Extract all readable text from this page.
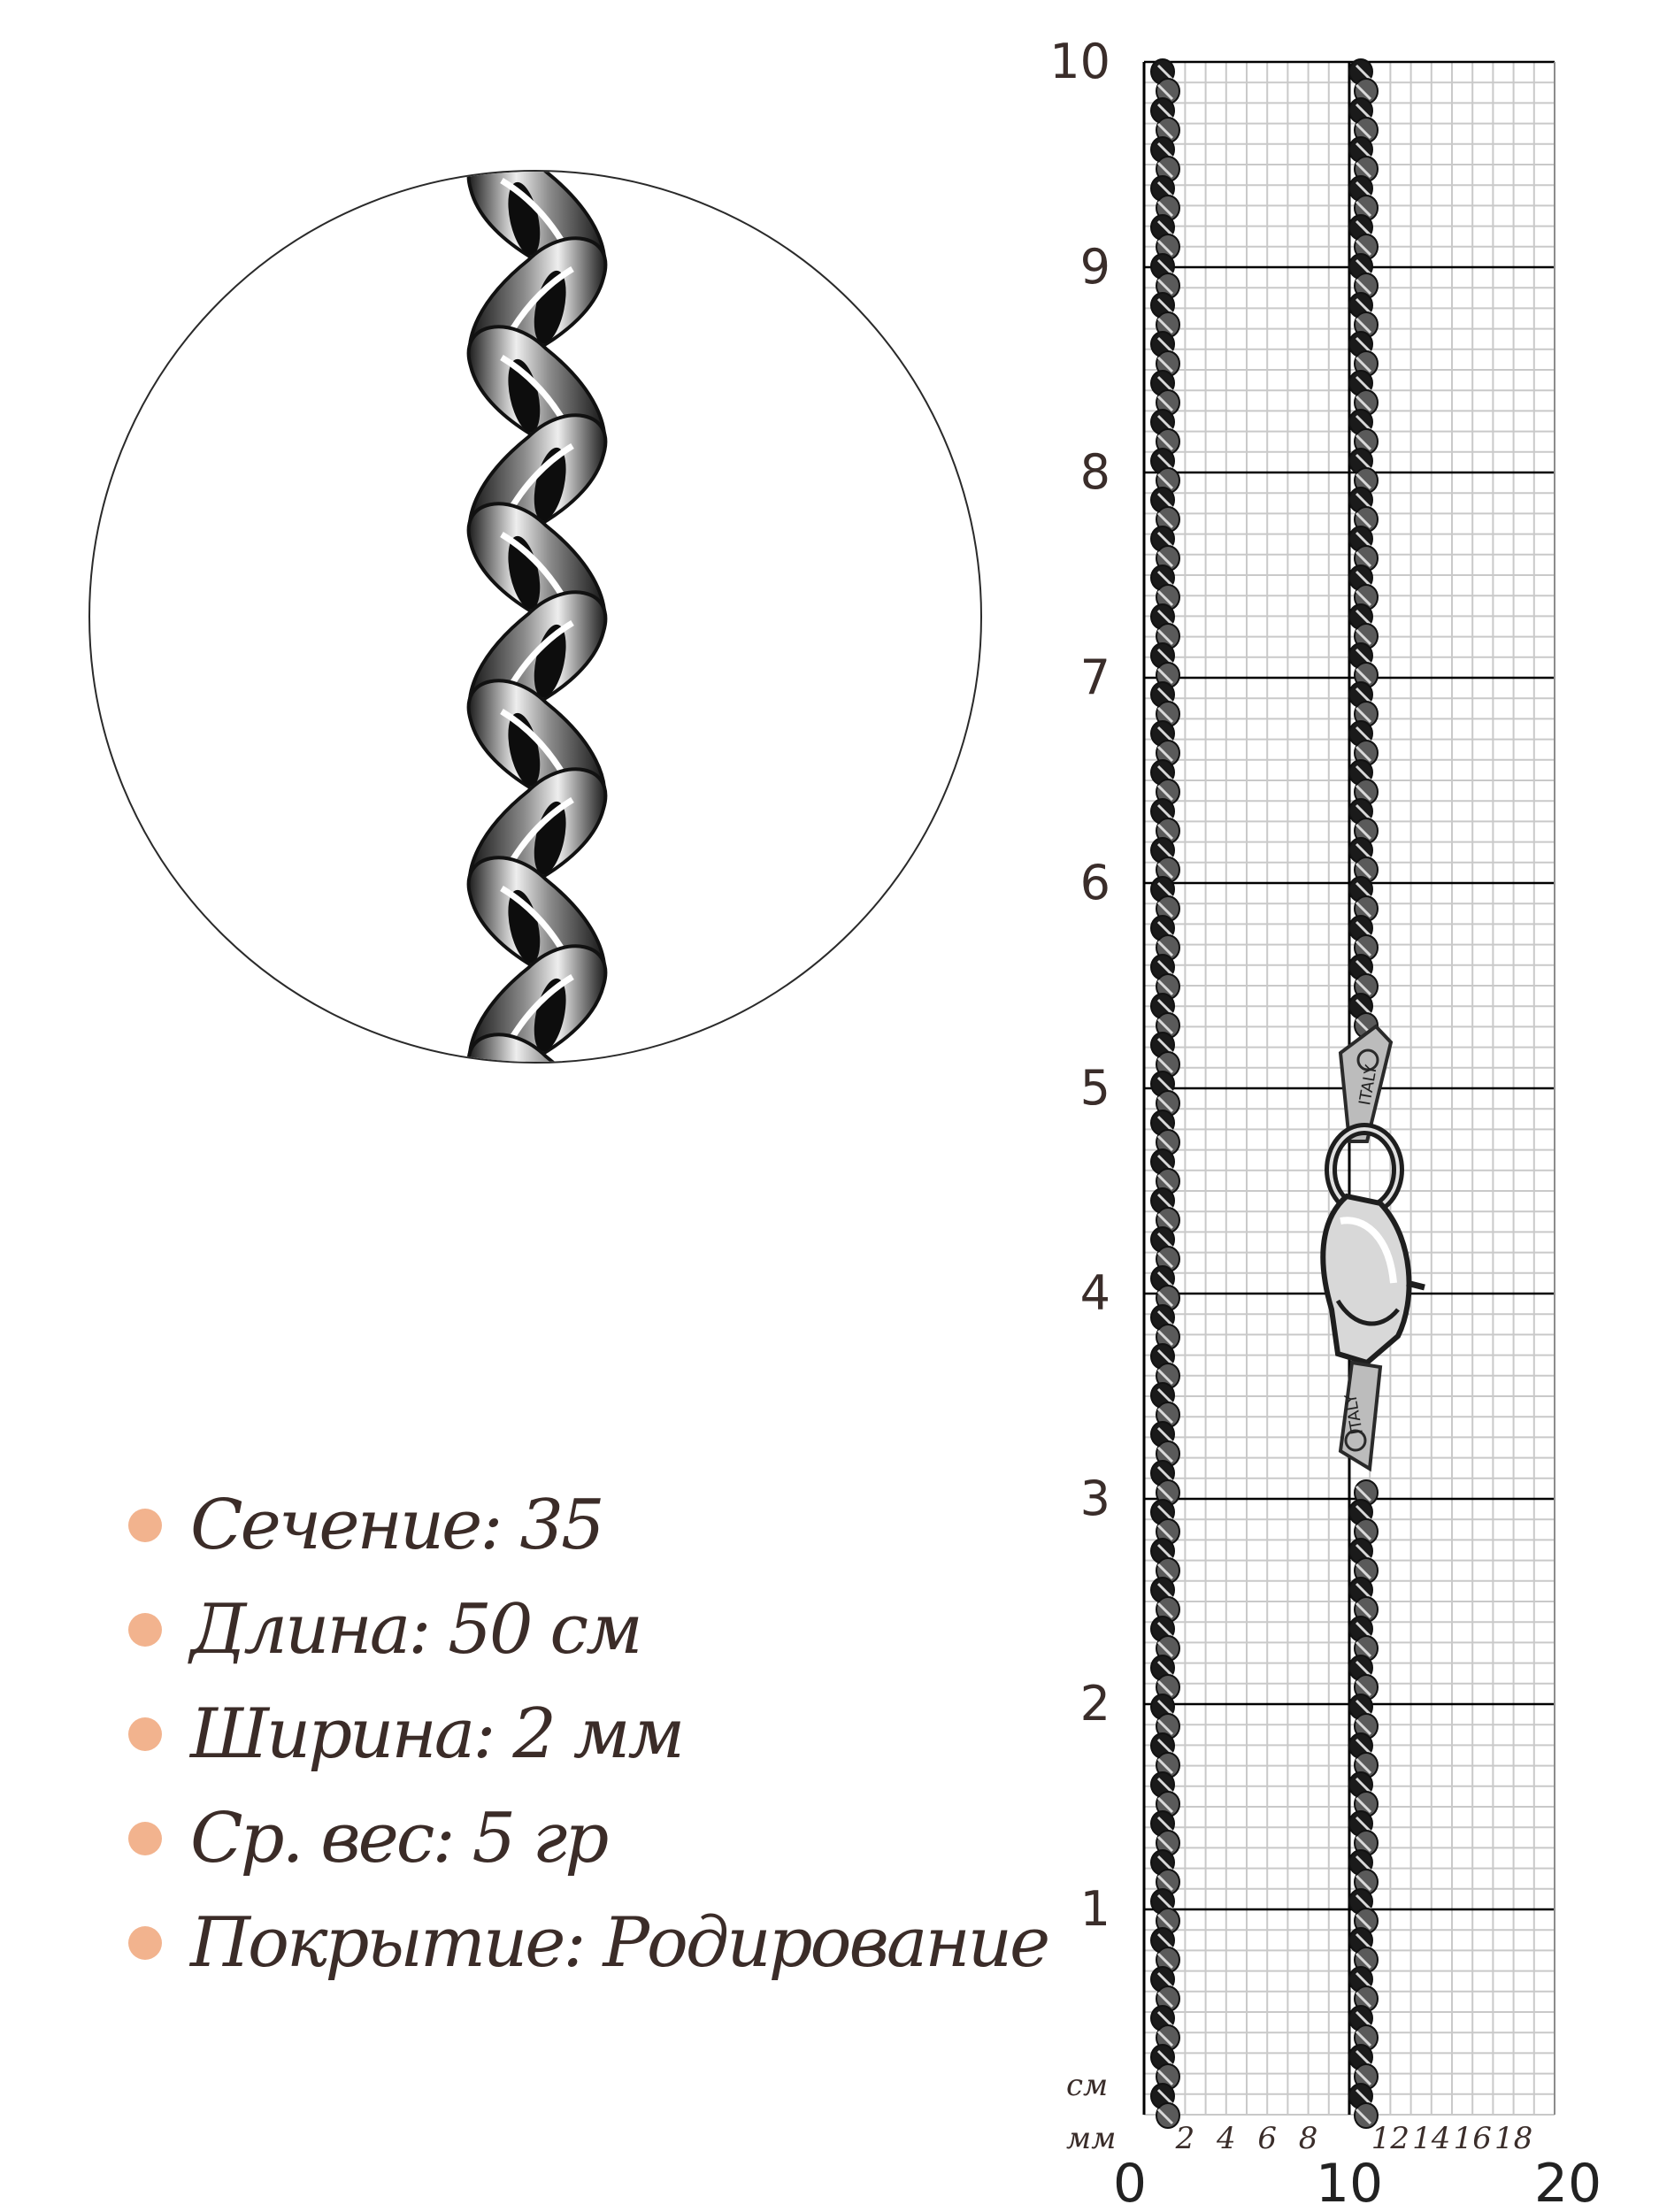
ITALY
ITALY
10
9
8
7
6
5
4
3
2
1
2 4 6 8 12 14 16 18
0	10	20
см
мм
Сечение: 35
Длина: 50 см
Ширина: 2 мм
Ср. вес: 5 гр
Покрытие: Родирование
